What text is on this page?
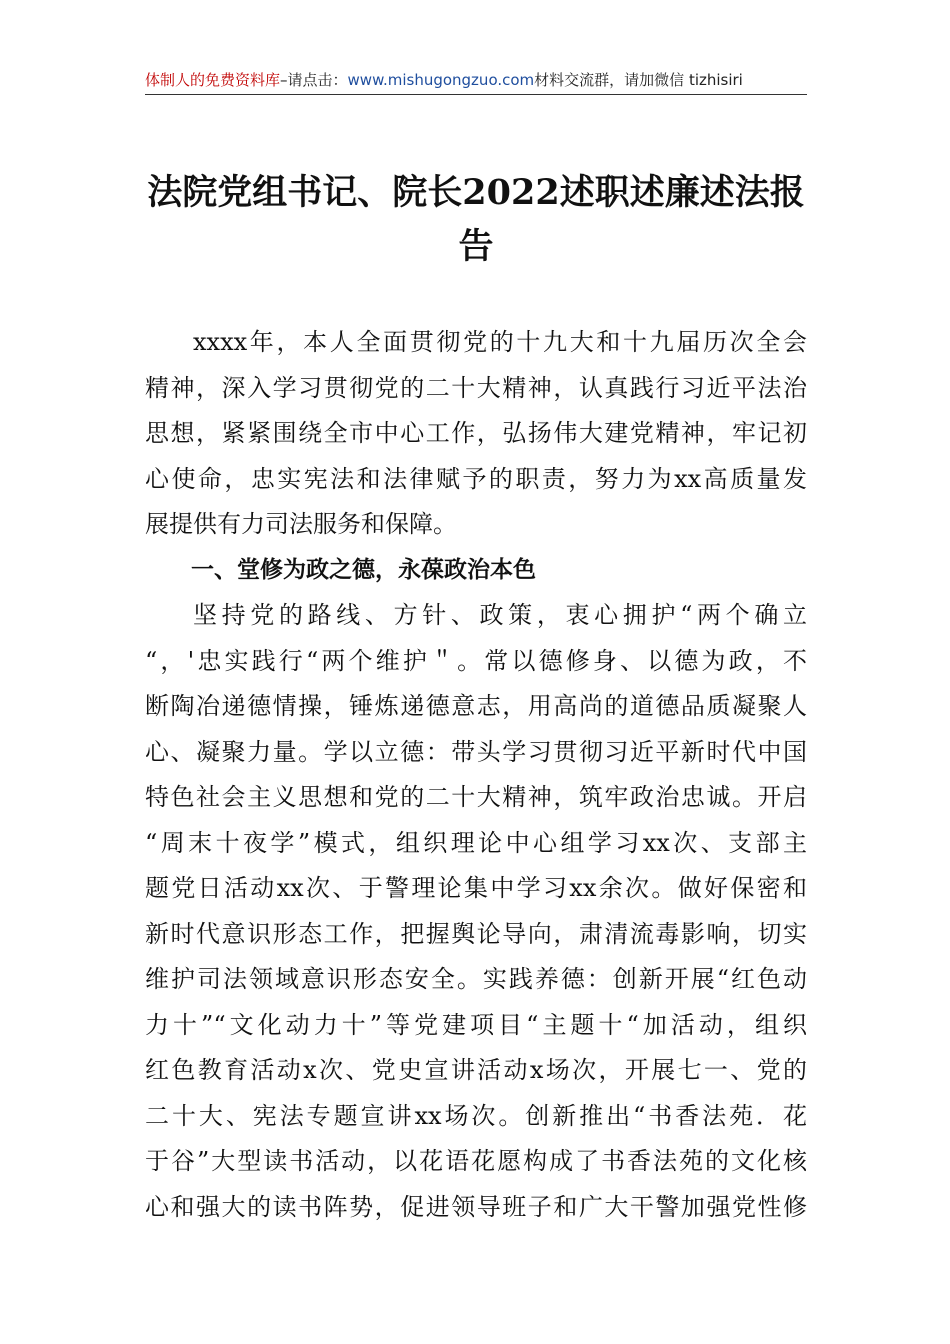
体制人的免费资料库–请点击：www.mishugongzuo.com材料交流群，请加微信 tizhisiri
法院党组书记、院长2022述职述廉述法报
告
xxxx年，本人全面贯彻党的十九大和十九届历次全会
精神，深入学习贯彻党的二十大精神，认真践行习近平法治
思想，紧紧围绕全市中心工作，弘扬伟大建党精神，牢记初
心使命，忠实宪法和法律赋予的职责，努力为xx高质量发
展提供有力司法服务和保障。
一、堂修为政之德，永葆政治本色
坚持党的路线、方针、政策，衷心拥护“两个确立
“，'忠实践行“两个维护＂。常以德修身、以德为政，不
断陶冶递德情操，锤炼递德意志，用高尚的道德品质凝聚人
心、凝聚力量。学以立德：带头学习贯彻习近平新时代中国
特色社会主义思想和党的二十大精神，筑牢政治忠诚。开启
“周末十夜学”模式，组织理论中心组学习xx次、支部主
题党日活动xx次、于警理论集中学习xx余次。做好保密和
新时代意识形态工作，把握舆论导向，肃清流毒影响，切实
维护司法领域意识形态安全。实践养德：创新开展“红色动
力十”“文化动力十”等党建项目“主题十“加活动，组织
红色教育活动x次、党史宣讲活动x场次，开展七一、党的
二十大、宪法专题宣讲xx场次。创新推出“书香法苑．花
于谷”大型读书活动，以花语花愿构成了书香法苑的文化核
心和强大的读书阵势，促进领导班子和广大干警加强党性修
